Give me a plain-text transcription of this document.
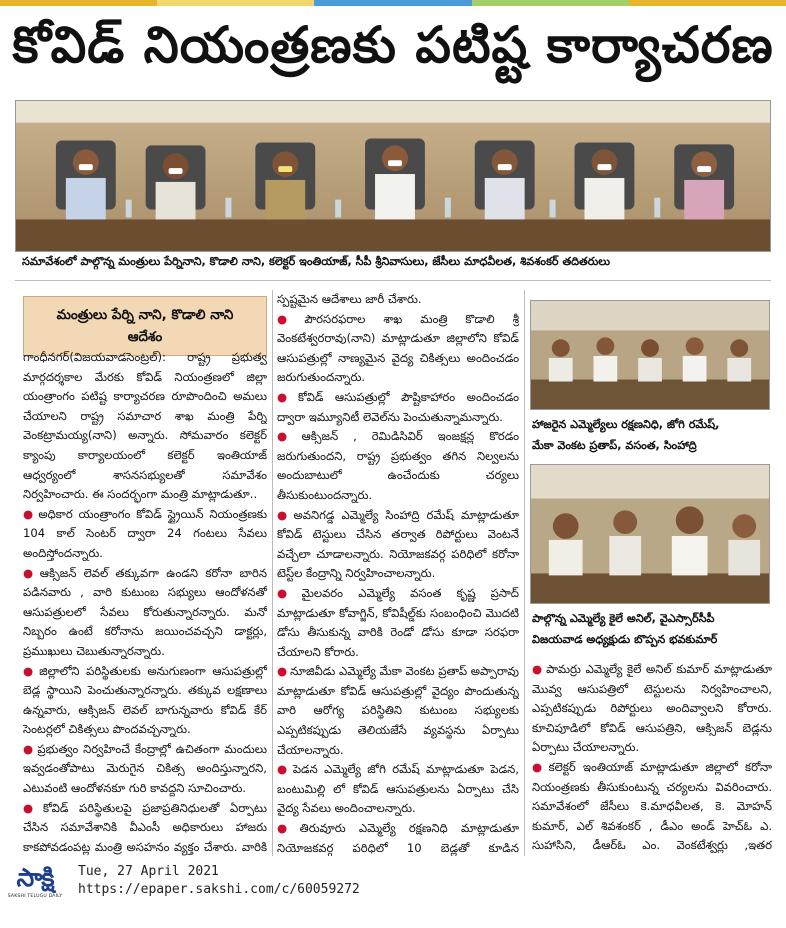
కోవిడ్ నియంత్రణకు పటిష్ట కార్యాచరణ
సమావేశంలో పాల్గొన్న మంత్రులు పేర్నినాని, కొడాలి నాని, కలెక్టర్ ఇంతియాజ్, సీపీ శ్రీనివాసులు, జేసీలు మాధవీలత, శివశంకర్ తదితరులు
మంత్రులు పేర్ని నాని, కొడాలి నాని
ఆదేశం

గాంధీనగర్(విజయవాడసెంట్రల్): రాష్ట్ర ప్రభుత్వ మార్గదర్శకాల మేరకు కోవిడ్ నియంత్రణలో జిల్లా యంత్రాంగం పటిష్ట కార్యాచరణ రూపొందించి అమలు చేయాలని రాష్ట్ర సమాచార శాఖ మంత్రి పేర్ని వెంకట్రామయ్య(నాని) అన్నారు. సోమవారం కలెక్టర్ క్యాంపు కార్యాలయంలో కలెక్టర్ ఇంతియాజ్ ఆధ్వర్యంలో శాసనసభ్యులతో సమావేశం నిర్వహించారు. ఈ సందర్భంగా మంత్రి మాట్లాడుతూ..

● అధికార యంత్రాంగం కోవిడ్ స్ట్రైయిన్ నియంత్రణకు 104 కాల్ సెంటర్ ద్వారా 24 గంటలు సేవలు అందిస్తోందన్నారు.

● ఆక్సిజన్ లెవల్ తక్కువగా ఉండని కరోనా బారిన పడినవారు , వారి కుటుంబ సభ్యులు ఆందోళనతో ఆసుపత్రులలో సేవలు కోరుతున్నారన్నారు. మనో నిబ్బరం ఉంటే కరోనాను జయించవచ్చని డాక్టర్లు, ప్రముఖులు చెబుతున్నారన్నారు.

● జిల్లాలోని పరిస్థితులకు అనుగుణంగా ఆసుపత్రుల్లో బెడ్ల స్థాయిని పెంచుతున్నారన్నారు. తక్కువ లక్షణాలు ఉన్నవారు, ఆక్సిజన్ లెవల్ బాగున్నవారు కోవిడ్ కేర్ సెంటర్లలో చికిత్సలు పొందవచ్చన్నారు.

● ప్రభుత్వం నిర్వహించే కేంద్రాల్లో ఉచితంగా మందులు ఇవ్వడంతోపాటు మెరుగైన చికిత్స అందిస్తున్నారని, ఎటువంటి ఆందోళనకూ గురి కావద్దని సూచించారు.

● కోవిడ్ పరిస్థితులపై ప్రజాప్రతినిధులతో ఏర్పాటు చేసిన సమావేశానికి వీఎంసీ అధికారులు హాజరు కాకపోవడంపట్ల మంత్రి అసహనం వ్యక్తం చేశారు. వారికి

స్పష్టమైన ఆదేశాలు జారీ చేశారు.

● పౌరసరఫరాల శాఖ మంత్రి కొడాలి శ్రీ వెంకటేశ్వరరావు(నాని) మాట్లాడుతూ జిల్లాలోని కోవిడ్ ఆసుపత్రుల్లో నాణ్యమైన వైద్య చికిత్సలు అందించడం జరుగుతుందన్నారు.

● కోవిడ్ ఆసుపత్రుల్లో పౌష్టికాహారం అందించడం ద్వారా ఇమ్యూనిటీ లెవెల్‌ను పెంచుతున్నామన్నారు.

● ఆక్సిజన్ , రెమిడిసివిర్ ఇంజక్షన్ల కొరడం జరుగుతుందని, రాష్ట్ర ప్రభుత్వం తగిన నిల్వలను అందుబాటులో ఉంచేందుకు చర్యలు తీసుకుంటుందన్నారు.

● అవనిగడ్డ ఎమ్మెల్యే సింహాద్రి రమేష్ మాట్లాడుతూ కోవిడ్ టెస్టులు చేసిన తర్వాత రిపోర్టులు వెంటనే వచ్చేలా చూడాలన్నారు. నియోజకవర్గ పరిధిలో కరోనా టెస్ట్‌ల కేంద్రాన్ని నిర్వహించాలన్నారు.

● మైలవరం ఎమ్మెల్యే వసంత కృష్ణ ప్రసాద్ మాట్లాడుతూ కోవాగ్జిన్, కోవిషీల్డ్‌కు సంబంధించి మొదటి డోసు తీసుకున్న వారికి రెండో డోసు కూడా సరఫరా చేయాలని కోరారు.

● నూజివీడు ఎమ్మెల్యే మేకా వెంకట ప్రతాప్ అప్పారావు మాట్లాడుతూ కోవిడ్ ఆసుపత్రుల్లో వైద్యం పొందుతున్న వారి ఆరోగ్య పరిస్థితిని కుటుంబ సభ్యులకు ఎప్పటికప్పుడు తెలియజేసే వ్యవస్థను ఏర్పాటు చేయాలన్నారు.

● పెడన ఎమ్మెల్యే జోగి రమేష్ మాట్లాడుతూ పెడన, బంటుమిల్లి లో కోవిడ్ ఆసుపత్రులను ఏర్పాటు చేసి వైద్య సేవలు అందించాలన్నారు.

● తిరువూరు ఎమ్మెల్యే రక్షణనిధి మాట్లాడుతూ నియోజకవర్గ పరిధిలో 10 బెడ్లతో కూడిన

హాజరైన ఎమ్మెల్యేలు రక్షణనిధి, జోగి రమేష్,
మేకా వెంకట ప్రతాప్, వసంత, సింహాద్రి
పాల్గొన్న ఎమ్మెల్యే కైలే అనిల్, వైఎస్సార్‌సీపీ
విజయవాడ అధ్యక్షుడు బొప్పన భవకుమార్

● పామర్రు ఎమ్మెల్యే కైలే అనిల్ కుమార్ మాట్లాడుతూ మొవ్వ ఆసుపత్రిలో టెస్టులను నిర్వహించాలని, ఎప్పటికప్పుడు రిపోర్టులు అందివ్వాలని కోరారు. కూచిపూడిలో కోవిడ్ ఆసుపత్రిని, ఆక్సిజన్ బెడ్లను ఏర్పాటు చేయాలన్నారు.

● కలెక్టర్ ఇంతియాజ్ మాట్లాడుతూ జిల్లాలో కరోనా నియంత్రణకు తీసుకుంటున్న చర్యలను వివరించారు. సమావేశంలో జేసీలు కె.మాధవీలత, కె. మోహన్ కుమార్, ఎల్ శివశంకర్ , డీఎం అండ్ హెచ్‌ఓ ఎ. సుహాసిని, డీఆర్‌ఓ ఎం. వెంకటేశ్వర్లు ,ఇతర

సాక్షి
SAKSHI TELUGU DAILY
Tue, 27 April 2021
https://epaper.sakshi.com/c/60059272
